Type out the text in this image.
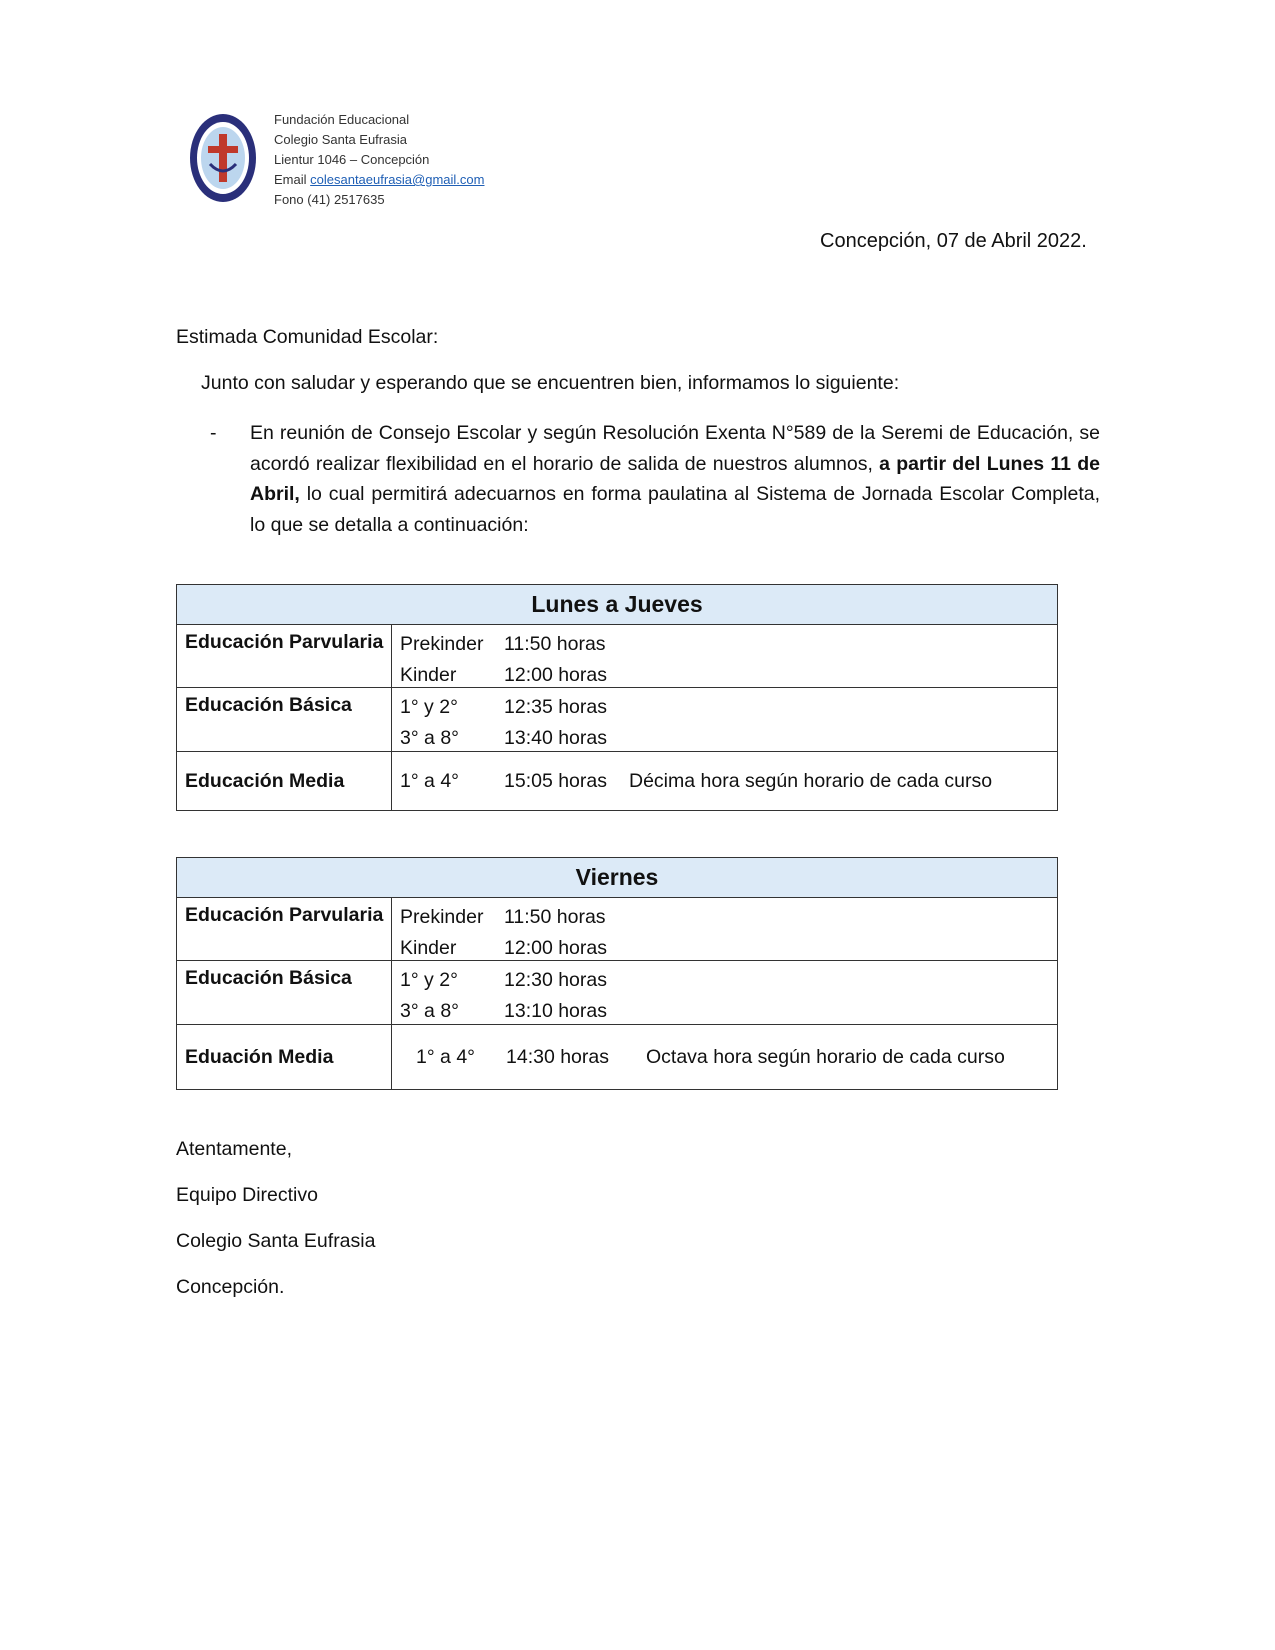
Fundación Educacional
Colegio Santa Eufrasia
Lientur 1046 – Concepción
Email colesantaeufrasia@gmail.com
Fono (41) 2517635
Concepción, 07 de Abril 2022.
Estimada Comunidad Escolar:
Junto con saludar y esperando que se encuentren bien, informamos lo siguiente:
-	En reunión de Consejo Escolar y según Resolución Exenta N°589 de la Seremi de Educación, se acordó realizar flexibilidad en el horario de salida de nuestros alumnos, a partir del Lunes 11 de Abril, lo cual permitirá adecuarnos en forma paulatina al Sistema de Jornada Escolar Completa, lo que se detalla a continuación:
Lunes a Jueves
Educación Parvularia Prekinder	11:50 horas
Kinder	12:00 horas
Educación Básica	1° y 2°	12:35 horas
3° a 8°	13:40 horas
Educación Media	1° a 4°	15:05 horas	Décima hora según horario de cada curso
Viernes
Educación Parvularia Prekinder	11:50 horas
Kinder	12:00 horas
Educación Básica	1° y 2°	12:30 horas
3° a 8°	13:10 horas
Eduación Media	1° a 4°	14:30 horas	Octava hora según horario de cada curso
Atentamente,
Equipo Directivo
Colegio Santa Eufrasia
Concepción.
